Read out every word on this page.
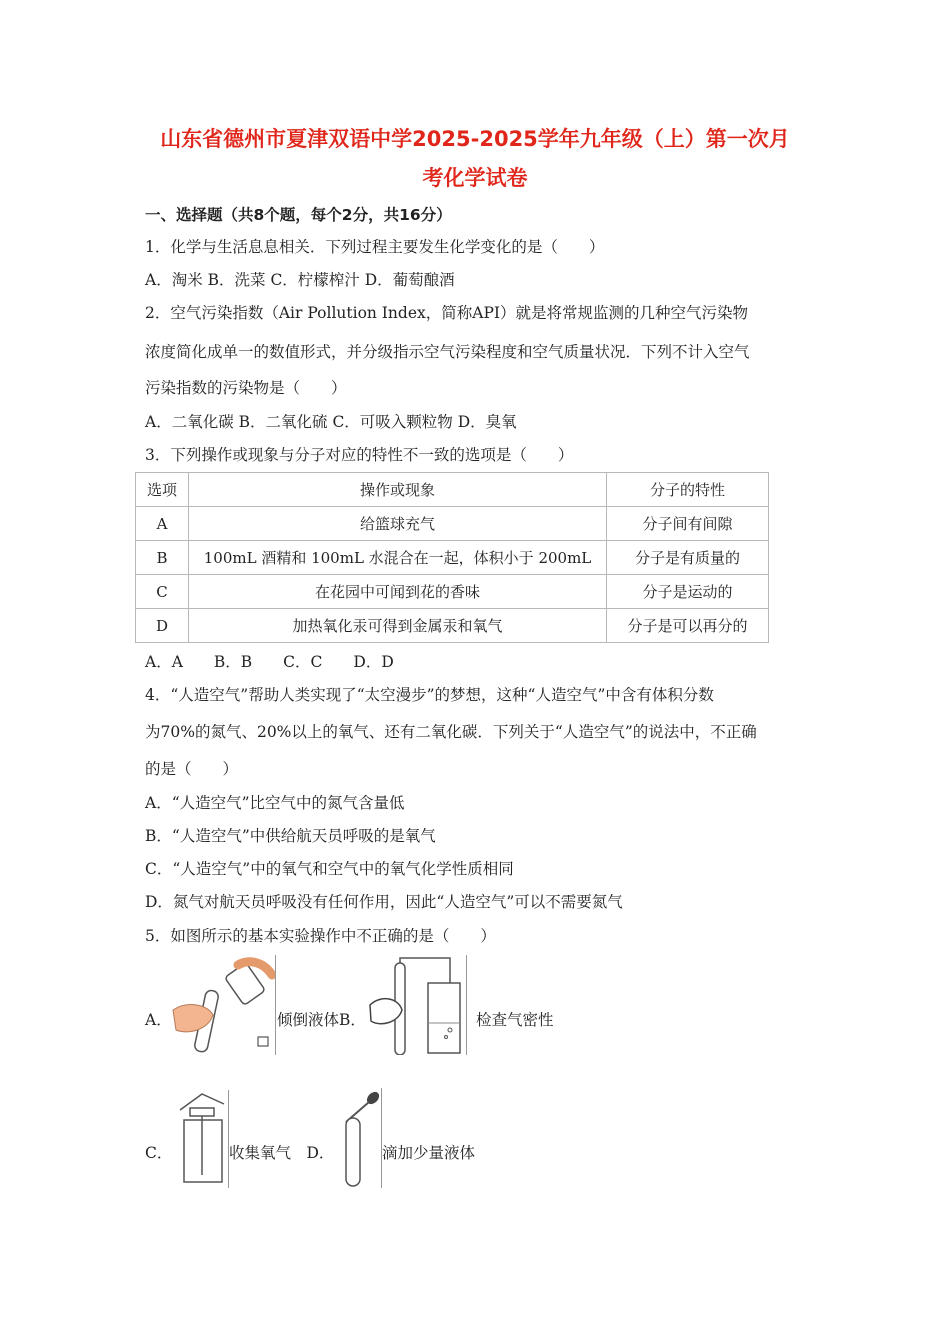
山东省德州市夏津双语中学2025-2025学年九年级（上）第一次月
考化学试卷
一、选择题（共8个题，每个2分，共16分）
1．化学与生活息息相关．下列过程主要发生化学变化的是（　　）
A．淘米 B．洗菜 C．柠檬榨汁 D．葡萄酿酒
2．空气污染指数（Air Pollution Index，简称API）就是将常规监测的几种空气污染物
浓度简化成单一的数值形式，并分级指示空气污染程度和空气质量状况．下列不计入空气
污染指数的污染物是（　　）
A．二氧化碳 B．二氧化硫 C．可吸入颗粒物 D．臭氧
3．下列操作或现象与分子对应的特性不一致的选项是（　　）
选项	操作或现象	分子的特性
A	给篮球充气	分子间有间隙
B	100mL 酒精和 100mL 水混合在一起，体积小于 200mL	分子是有质量的
C	在花园中可闻到花的香味	分子是运动的
D	加热氧化汞可得到金属汞和氧气	分子是可以再分的
A．A　　B．B　　C．C　　D．D
4．“人造空气”帮助人类实现了“太空漫步”的梦想，这种“人造空气”中含有体积分数
为70%的氮气、20%以上的氧气、还有二氧化碳．下列关于“人造空气”的说法中，不正确
的是（　　）
A．“人造空气”比空气中的氮气含量低
B．“人造空气”中供给航天员呼吸的是氧气
C．“人造空气”中的氧气和空气中的氧气化学性质相同
D．氮气对航天员呼吸没有任何作用，因此“人造空气”可以不需要氮气
5．如图所示的基本实验操作中不正确的是（　　）
A．	倾倒液体B．	检查气密性
C．	收集氧气　D．	滴加少量液体
